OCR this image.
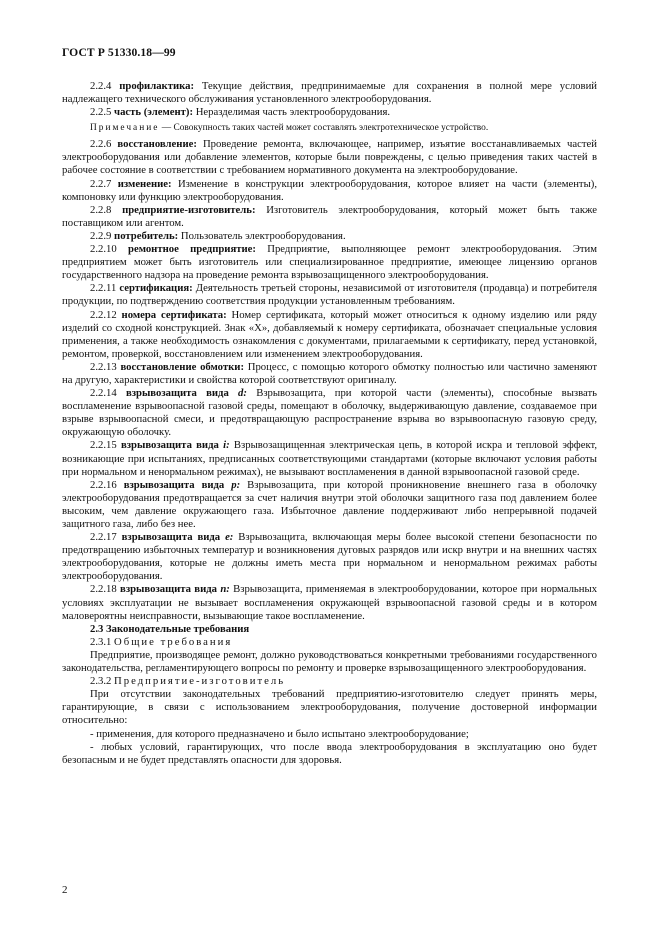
ГОСТ Р 51330.18—99

2.2.4 профилактика: Текущие действия, предпринимаемые для сохранения в полной мере условий надлежащего технического обслуживания установленного электрооборудования.

2.2.5 часть (элемент): Неразделимая часть электрооборудования.

Примечание — Совокупность таких частей может составлять электротехническое устройство.

2.2.6 восстановление: Проведение ремонта, включающее, например, изъятие восстанавливаемых частей электрооборудования или добавление элементов, которые были повреждены, с целью приведения таких частей в рабочее состояние в соответствии с требованием нормативного документа на электрооборудование.

2.2.7 изменение: Изменение в конструкции электрооборудования, которое влияет на части (элементы), компоновку или функцию электрооборудования.

2.2.8 предприятие-изготовитель: Изготовитель электрооборудования, который может быть также поставщиком или агентом.

2.2.9 потребитель: Пользователь электрооборудования.

2.2.10 ремонтное предприятие: Предприятие, выполняющее ремонт электрооборудования. Этим предприятием может быть изготовитель или специализированное предприятие, имеющее лицензию органов государственного надзора на проведение ремонта взрывозащищенного электрооборудования.

2.2.11 сертификация: Деятельность третьей стороны, независимой от изготовителя (продавца) и потребителя продукции, по подтверждению соответствия продукции установленным требованиям.

2.2.12 номера сертификата: Номер сертификата, который может относиться к одному изделию или ряду изделий со сходной конструкцией. Знак «Х», добавляемый к номеру сертификата, обозначает специальные условия применения, а также необходимость ознакомления с документами, прилагаемыми к сертификату, перед установкой, ремонтом, проверкой, восстановлением или изменением электрооборудования.

2.2.13 восстановление обмотки: Процесс, с помощью которого обмотку полностью или частично заменяют на другую, характеристики и свойства которой соответствуют оригиналу.

2.2.14 взрывозащита вида d: Взрывозащита, при которой части (элементы), способные вызвать воспламенение взрывоопасной газовой среды, помещают в оболочку, выдерживающую давление, создаваемое при взрыве взрывоопасной смеси, и предотвращающую распространение взрыва во взрывоопасную газовую среду, окружающую оболочку.

2.2.15 взрывозащита вида i: Взрывозащищенная электрическая цепь, в которой искра и тепловой эффект, возникающие при испытаниях, предписанных соответствующими стандартами (которые включают условия работы при нормальном и ненормальном режимах), не вызывают воспламенения в данной взрывоопасной газовой среде.

2.2.16 взрывозащита вида p: Взрывозащита, при которой проникновение внешнего газа в оболочку электрооборудования предотвращается за счет наличия внутри этой оболочки защитного газа под давлением более высоким, чем давление окружающего газа. Избыточное давление поддерживают либо непрерывной подачей защитного газа, либо без нее.

2.2.17 взрывозащита вида е: Взрывозащита, включающая меры более высокой степени безопасности по предотвращению избыточных температур и возникновения дуговых разрядов или искр внутри и на внешних частях электрооборудования, которые не должны иметь места при нормальном и ненормальном режимах работы электрооборудования.

2.2.18 взрывозащита вида n: Взрывозащита, применяемая в электрооборудовании, которое при нормальных условиях эксплуатации не вызывает воспламенения окружающей взрывоопасной газовой среды и в котором маловероятны неисправности, вызывающие такое воспламенение.

2.3 Законодательные требования

2.3.1 Общие требования

Предприятие, производящее ремонт, должно руководствоваться конкретными требованиями государственного законодательства, регламентирующего вопросы по ремонту и проверке взрывозащищенного электрооборудования.

2.3.2 Предприятие-изготовитель

При отсутствии законодательных требований предприятию-изготовителю следует принять меры, гарантирующие, в связи с использованием электрооборудования, получение достоверной информации относительно:

- применения, для которого предназначено и было испытано электрооборудование;

- любых условий, гарантирующих, что после ввода электрооборудования в эксплуатацию оно будет безопасным и не будет представлять опасности для здоровья.

2
